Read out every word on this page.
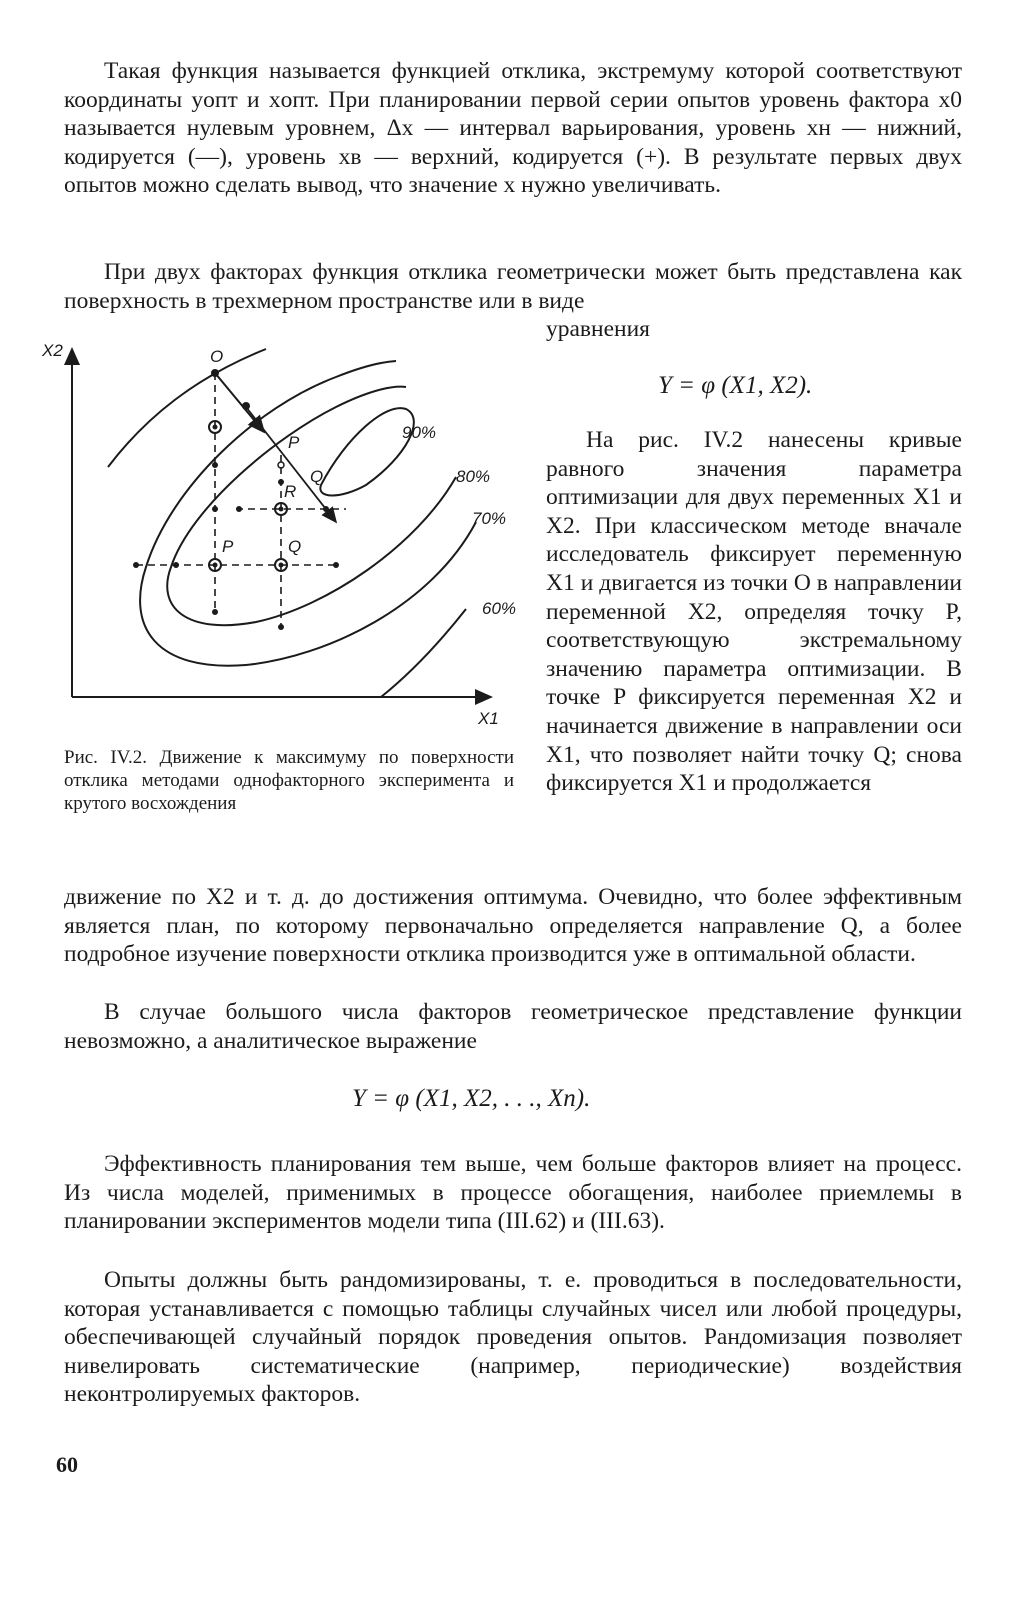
Такая функция называется функцией отклика, экстремуму которой соответствуют координаты yопт и xопт. При планировании первой серии опытов уровень фактора x0 называется нулевым уровнем, Δx — интервал варьирования, уровень xн — нижний, кодируется (—), уровень xв — верхний, кодируется (+). В результате первых двух опытов можно сделать вывод, что значение x нужно увеличивать.

При двух факторах функция отклика геометрически может быть представлена как поверхность в трехмерном пространстве или в виде

уравнения

Y = φ (X1, X2).

На рис. IV.2 нанесены кривые равного значения параметра оптимизации для двух переменных X1 и X2. При классическом методе вначале исследователь фиксирует переменную X1 и двигается из точки O в направлении переменной X2, определяя точку P, соответствующую экстремальному значению параметра оптимизации. В точке P фиксируется переменная X2 и начинается движение в направлении оси X1, что позволяет найти точку Q; снова фиксируется X1 и продолжается

X2
X1
O
P
Q
R
P	Q
90%
80%
70%
60%

Рис. IV.2. Движение к максимуму по поверхности отклика методами однофакторного эксперимента и крутого восхождения

движение по X2 и т. д. до достижения оптимума. Очевидно, что более эффективным является план, по которому первоначально определяется направление Q, а более подробное изучение поверхности отклика производится уже в оптимальной области.

В случае большого числа факторов геометрическое представление функции невозможно, а аналитическое выражение

Y = φ (X1, X2, . . ., Xn).

Эффективность планирования тем выше, чем больше факторов влияет на процесс. Из числа моделей, применимых в процессе обогащения, наиболее приемлемы в планировании экспериментов модели типа (III.62) и (III.63).

Опыты должны быть рандомизированы, т. е. проводиться в последовательности, которая устанавливается с помощью таблицы случайных чисел или любой процедуры, обеспечивающей случайный порядок проведения опытов. Рандомизация позволяет нивелировать систематические (например, периодические) воздействия неконтролируемых факторов.

60
